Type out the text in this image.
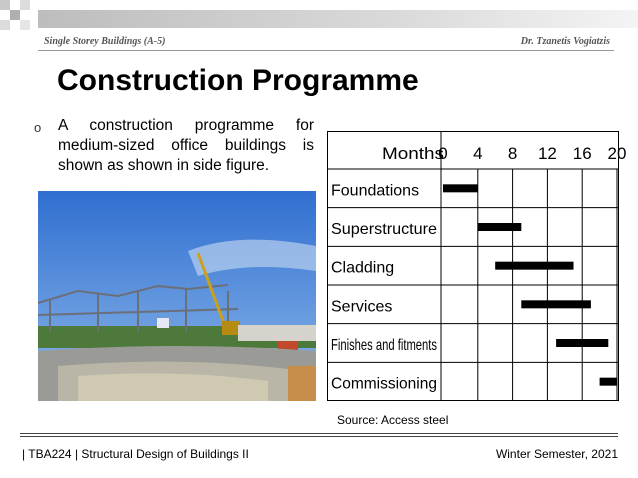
Single Storey Buildings (A-5)	Dr. Tzanetis Vogiatzis
Construction Programme
o A construction programme for medium-sized office buildings is shown as shown in side figure.
Months
0 4 8 12 16 20
Foundations
Superstructure
Cladding
Services
Finishes and fitments
Commissioning
Source: Access steel
| TBA224 | Structural Design of Buildings II	Winter Semester, 2021
